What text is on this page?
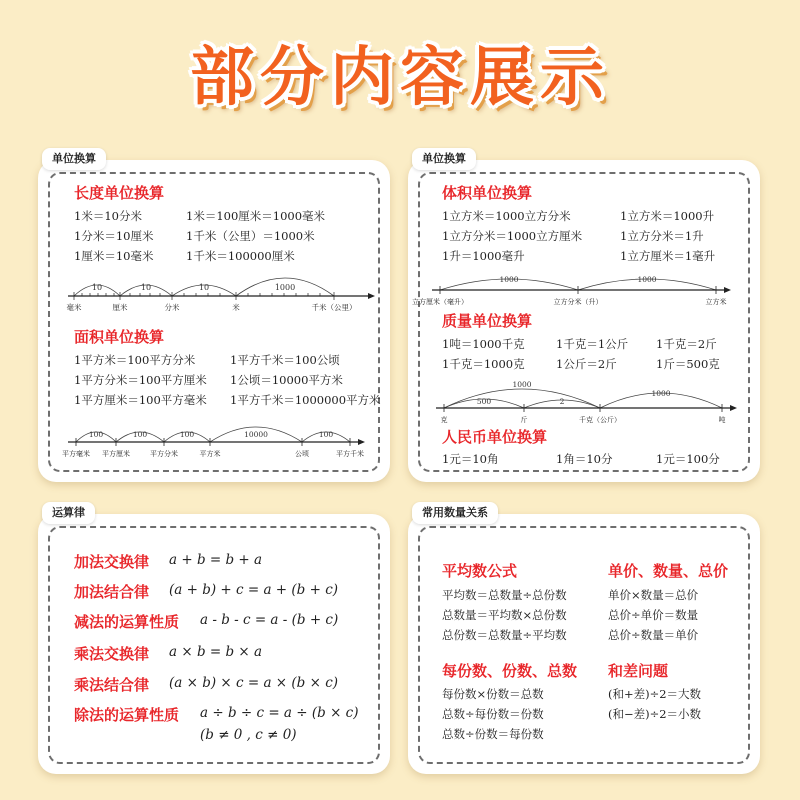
部分内容展示
单位换算
长度单位换算
1米＝10分米	1米＝100厘米＝1000毫米
1分米＝10厘米	1千米（公里）＝1000米
1厘米＝10毫米	1千米＝100000厘米
10	10	10	1000
毫米	厘米	分米	米	千米（公里）
面积单位换算
1平方米＝100平方分米	1平方千米＝100公顷
1平方分米＝100平方厘米 1公顷＝10000平方米
1平方厘米＝100平方毫米 1平方千米＝1000000平方米
100	100	100	10000	100
平方毫米 平方厘米	平方分米	平方米	公顷	平方千米
单位换算
体积单位换算
1立方米＝1000立方分米	1立方米＝1000升
1立方分米＝1000立方厘米	1立方分米＝1升
1升＝1000毫升	1立方厘米＝1毫升
1000	1000
立方厘米（毫升）	立方分米（升）	立方米
质量单位换算
1吨＝1000千克	1千克＝1公斤 1千克＝2斤
1千克＝1000克	1公斤＝2斤	1斤＝500克
500	2
1000
1000
克	斤	千克（公斤）	吨
人民币单位换算
1元＝10角	1角＝10分	1元＝100分
运算律
加法交换律 a + b = b + a
加法结合律 (a + b) + c = a + (b + c)
减法的运算性质 a - b - c = a - (b + c)
乘法交换律 a × b = b × a
乘法结合律 (a × b) × c = a × (b × c)
除法的运算性质 a ÷ b ÷ c = a ÷ (b × c)
(b ≠ 0 , c ≠ 0)
常用数量关系
平均数公式
平均数＝总数量÷总份数
总数量＝平均数×总份数
总份数＝总数量÷平均数
单价、数量、总价
单价×数量＝总价
总价÷单价＝数量
总价÷数量＝单价
每份数、份数、总数
每份数×份数＝总数
总数÷每份数＝份数
总数÷份数＝每份数
和差问题
(和+差)÷2＝大数
(和−差)÷2＝小数
